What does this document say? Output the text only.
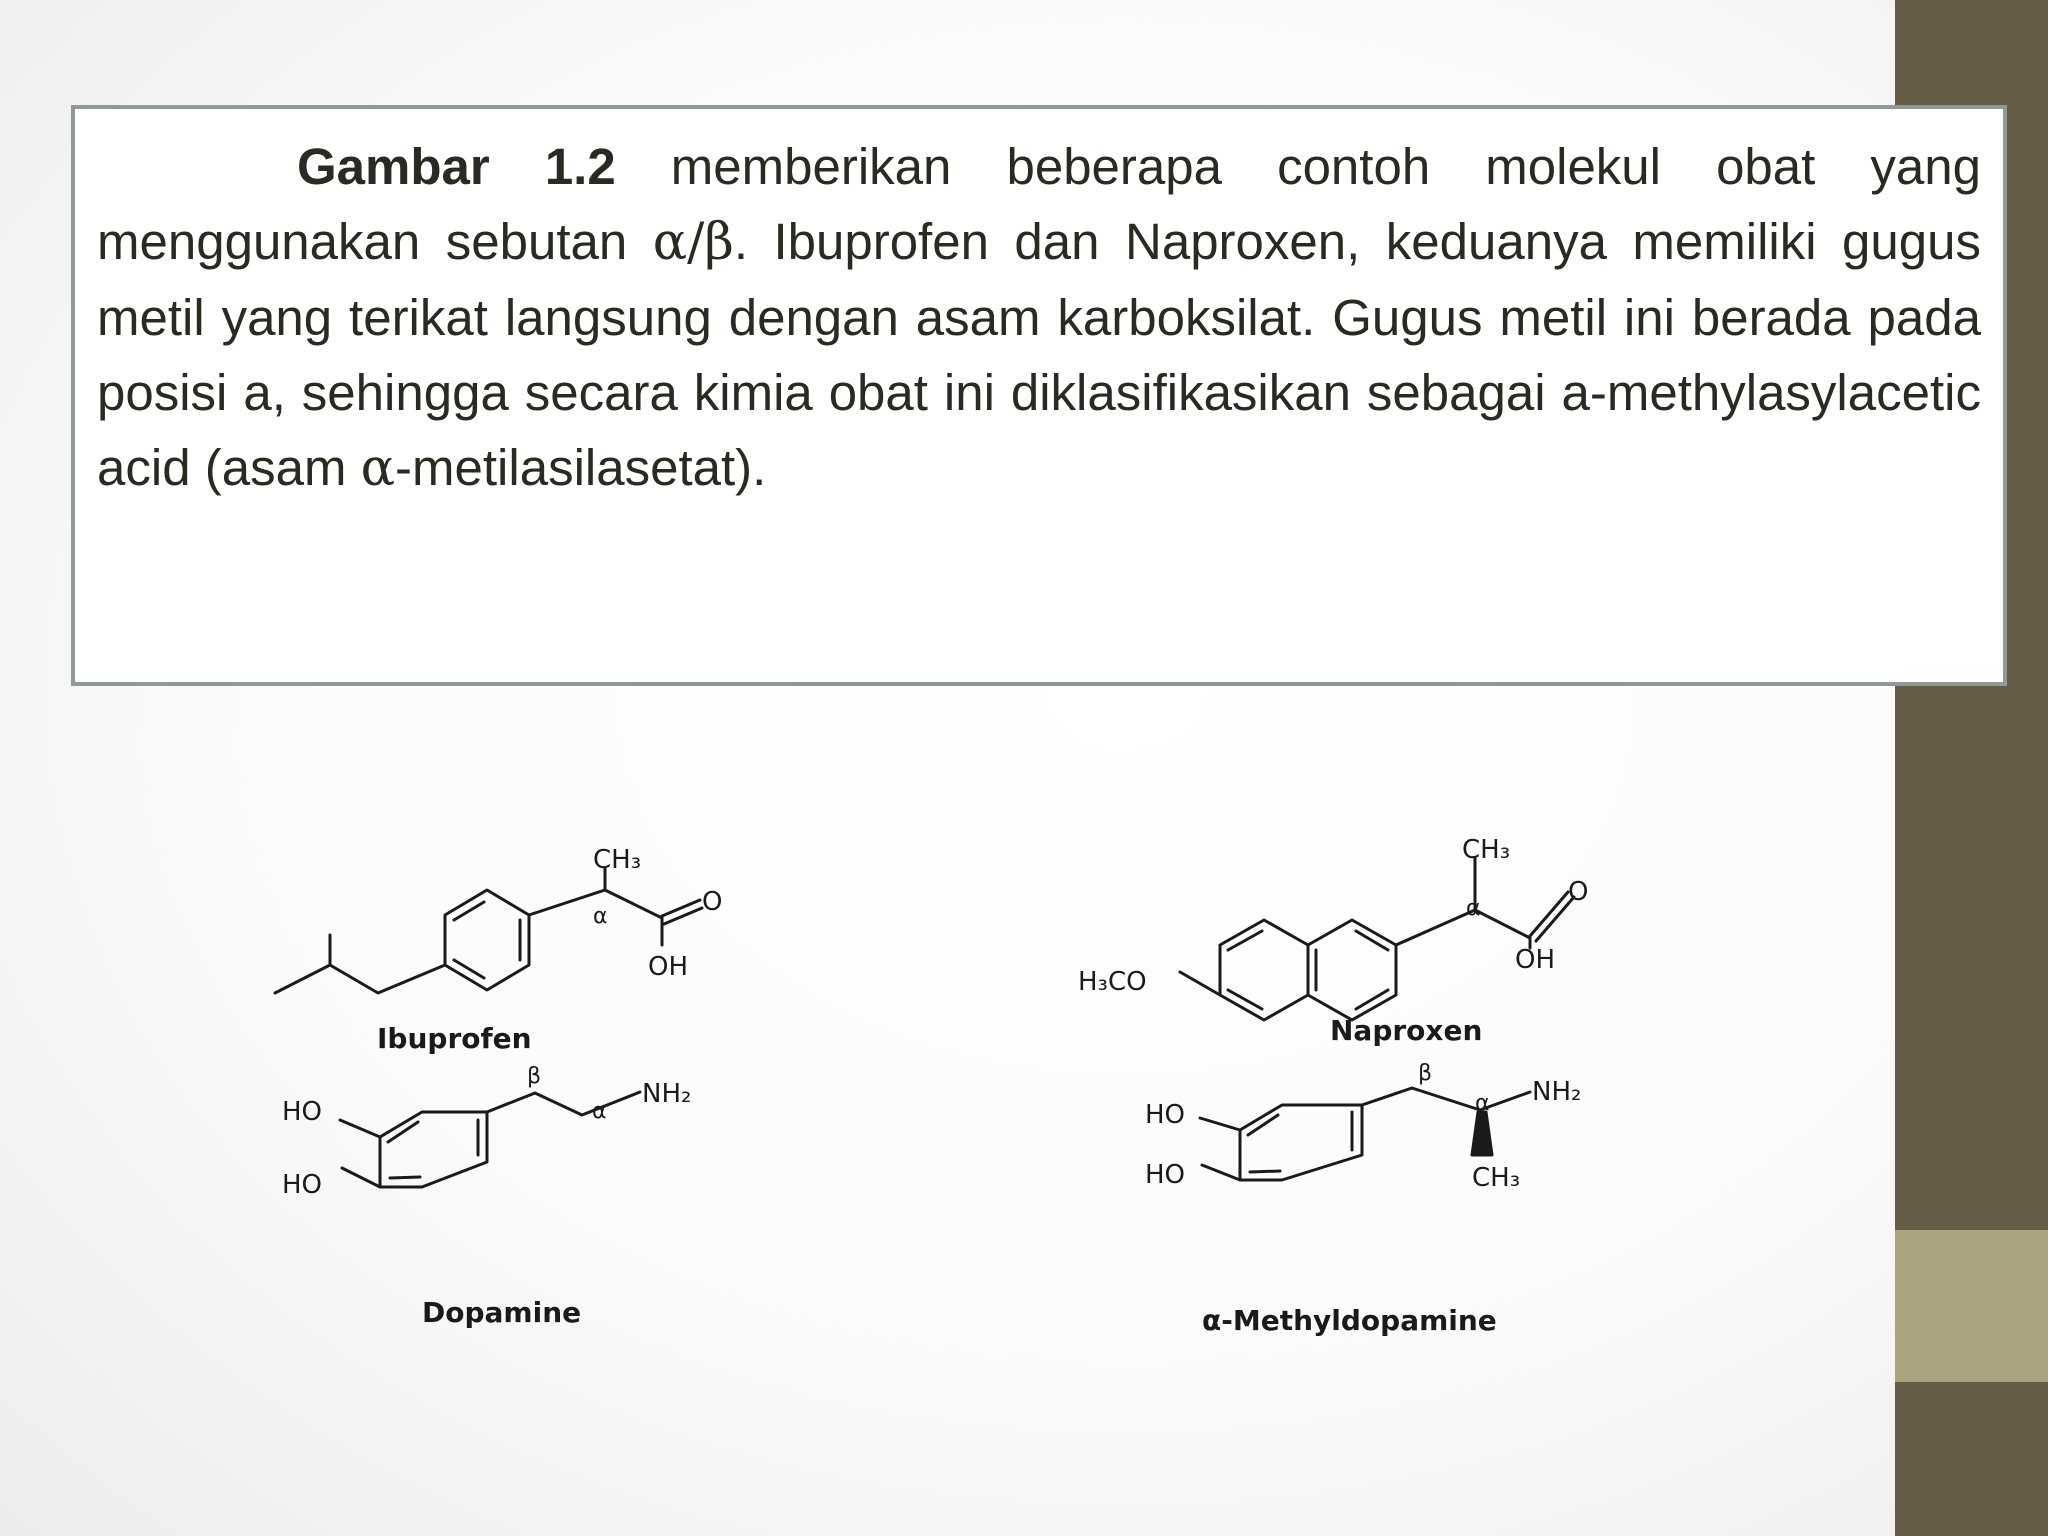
Gambar 1.2 memberikan beberapa contoh molekul obat yang menggunakan sebutan α/β. Ibuprofen dan Naproxen, keduanya memiliki gugus metil yang terikat langsung dengan asam karboksilat. Gugus metil ini berada pada posisi a, sehingga secara kimia obat ini diklasifikasikan sebagai a-methylasylacetic acid (asam α-metilasilasetat).

CH₃
α	O
OH
Ibuprofen
CH₃
α
O
OH
H₃CO
Naproxen
HO
HO
β
α
NH₂
Dopamine
HO
HO
β
α NH₂
CH₃
α-Methyldopamine
